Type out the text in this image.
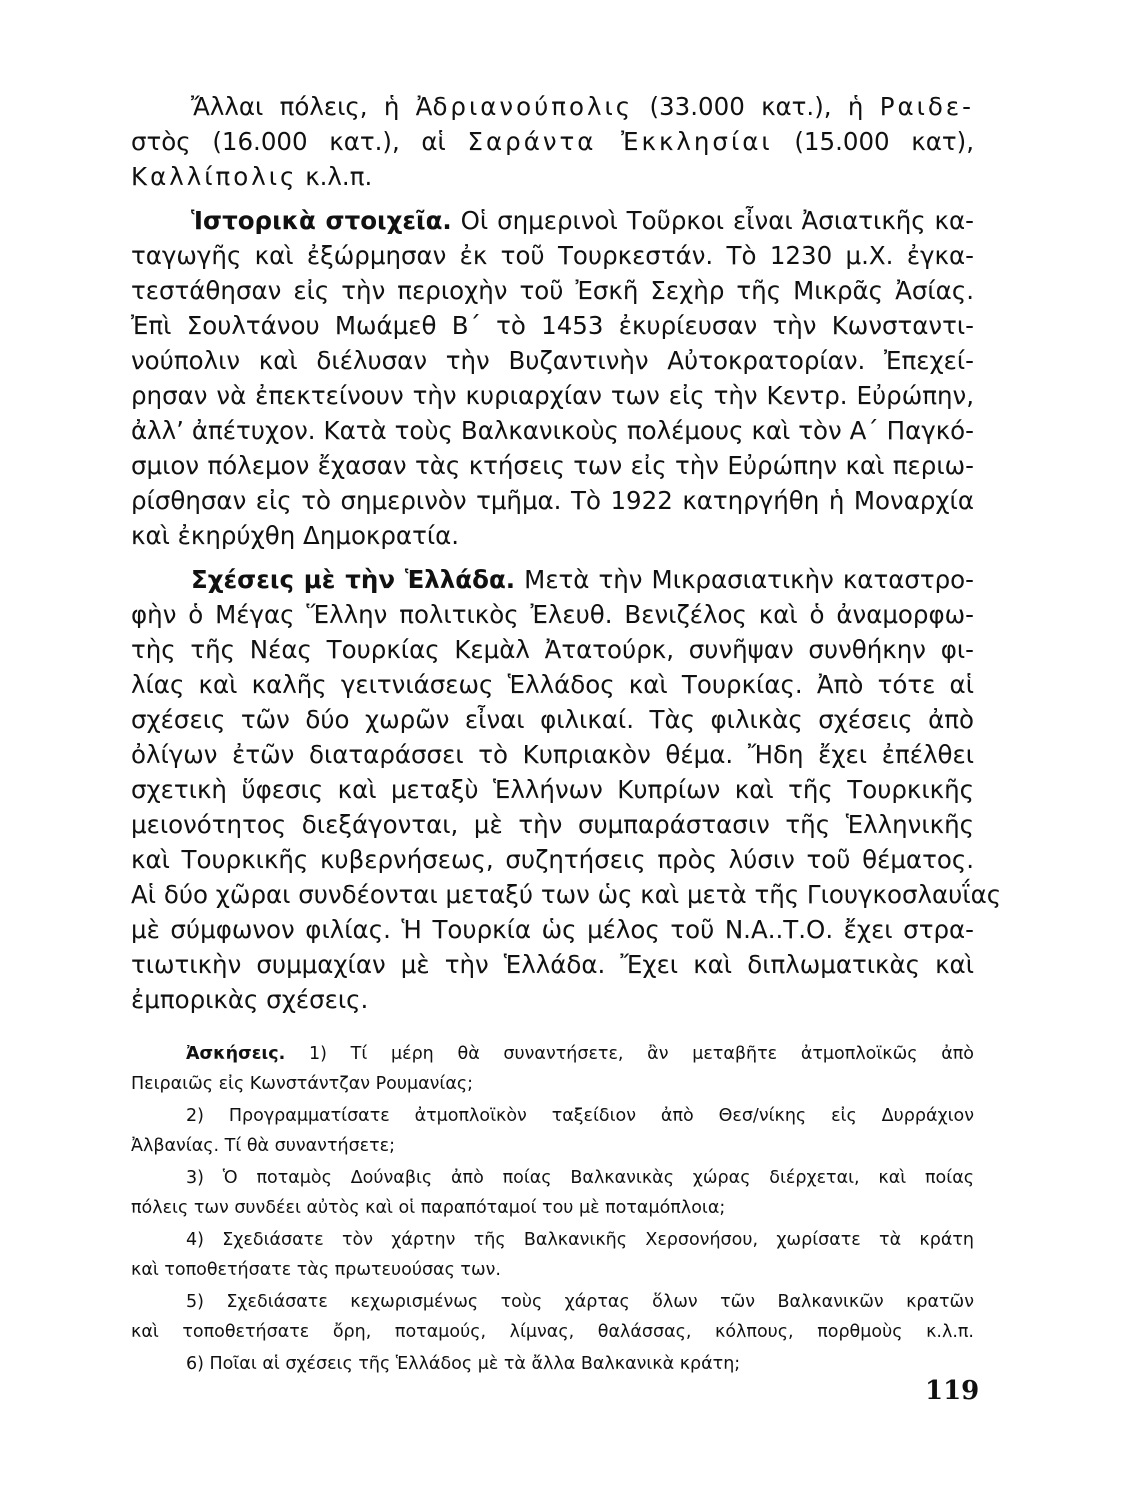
Ἄλλαι πόλεις, ἡ Ἀδριανούπολις (33.000 κατ.), ἡ Ραιδε-
στὸς (16.000 κατ.), αἱ Σαράντα Ἐκκλησίαι (15.000 κατ),
Καλλίπολις κ.λ.π.
Ἱστορικὰ στοιχεῖα. Οἱ σημερινοὶ Τοῦρκοι εἶναι Ἀσιατικῆς κα-
ταγωγῆς καὶ ἐξώρμησαν ἐκ τοῦ Τουρκεστάν. Τὸ 1230 μ.Χ. ἐγκα-
τεστάθησαν εἰς τὴν περιοχὴν τοῦ Ἐσκῆ Σεχὴρ τῆς Μικρᾶς Ἀσίας.
Ἐπὶ Σουλτάνου Μωάμεθ Β΄ τὸ 1453 ἐκυρίευσαν τὴν Κωνσταντι-
νούπολιν καὶ διέλυσαν τὴν Βυζαντινὴν Αὐτοκρατορίαν. Ἐπεχεί-
ρησαν νὰ ἐπεκτείνουν τὴν κυριαρχίαν των εἰς τὴν Κεντρ. Εὐρώπην,
ἀλλ’ ἀπέτυχον. Κατὰ τοὺς Βαλκανικοὺς πολέμους καὶ τὸν Α΄ Παγκό-
σμιον πόλεμον ἔχασαν τὰς κτήσεις των εἰς τὴν Εὐρώπην καὶ περιω-
ρίσθησαν εἰς τὸ σημερινὸν τμῆμα. Τὸ 1922 κατηργήθη ἡ Μοναρχία
καὶ ἐκηρύχθη Δημοκρατία.
Σχέσεις μὲ τὴν Ἑλλάδα. Μετὰ τὴν Μικρασιατικὴν καταστρο-
φὴν ὁ Μέγας Ἕλλην πολιτικὸς Ἐλευθ. Βενιζέλος καὶ ὁ ἀναμορφω-
τὴς τῆς Νέας Τουρκίας Κεμὰλ Ἀτατούρκ, συνῆψαν συνθήκην φι-
λίας καὶ καλῆς γειτνιάσεως Ἑλλάδος καὶ Τουρκίας. Ἀπὸ τότε αἱ
σχέσεις τῶν δύο χωρῶν εἶναι φιλικαί. Τὰς φιλικὰς σχέσεις ἀπὸ
ὀλίγων ἐτῶν διαταράσσει τὸ Κυπριακὸν θέμα. Ἤδη ἔχει ἐπέλθει
σχετικὴ ὕφεσις καὶ μεταξὺ Ἑλλήνων Κυπρίων καὶ τῆς Τουρκικῆς
μειονότητος διεξάγονται, μὲ τὴν συμπαράστασιν τῆς Ἑλληνικῆς
καὶ Τουρκικῆς κυβερνήσεως, συζητήσεις πρὸς λύσιν τοῦ θέματος.
Αἱ δύο χῶραι συνδέονται μεταξύ των ὡς καὶ μετὰ τῆς Γιουγκοσλαυΐας
μὲ σύμφωνον φιλίας. Ἡ Τουρκία ὡς μέλος τοῦ Ν.Α..Τ.Ο. ἔχει στρα-
τιωτικὴν συμμαχίαν μὲ τὴν Ἑλλάδα. Ἔχει καὶ διπλωματικὰς καὶ
ἐμπορικὰς σχέσεις.
Ἀσκήσεις. 1) Τί μέρη θὰ συναντήσετε, ἂν μεταβῆτε ἀτμοπλοϊκῶς ἀπὸ
Πειραιῶς εἰς Κωνστάντζαν Ρουμανίας;
2) Προγραμματίσατε ἀτμοπλοϊκὸν ταξείδιον ἀπὸ Θεσ/νίκης εἰς Δυρράχιον
Ἀλβανίας. Τί θὰ συναντήσετε;
3) Ὁ ποταμὸς Δούναβις ἀπὸ ποίας Βαλκανικὰς χώρας διέρχεται, καὶ ποίας
πόλεις των συνδέει αὐτὸς καὶ οἱ παραπόταμοί του μὲ ποταμόπλοια;
4) Σχεδιάσατε τὸν χάρτην τῆς Βαλκανικῆς Χερσονήσου, χωρίσατε τὰ κράτη
καὶ τοποθετήσατε τὰς πρωτευούσας των.
5) Σχεδιάσατε κεχωρισμένως τοὺς χάρτας ὅλων τῶν Βαλκανικῶν κρατῶν
καὶ τοποθετήσατε ὄρη, ποταμούς, λίμνας, θαλάσσας, κόλπους, πορθμοὺς κ.λ.π.
6) Ποῖαι αἱ σχέσεις τῆς Ἑλλάδος μὲ τὰ ἄλλα Βαλκανικὰ κράτη;
119
